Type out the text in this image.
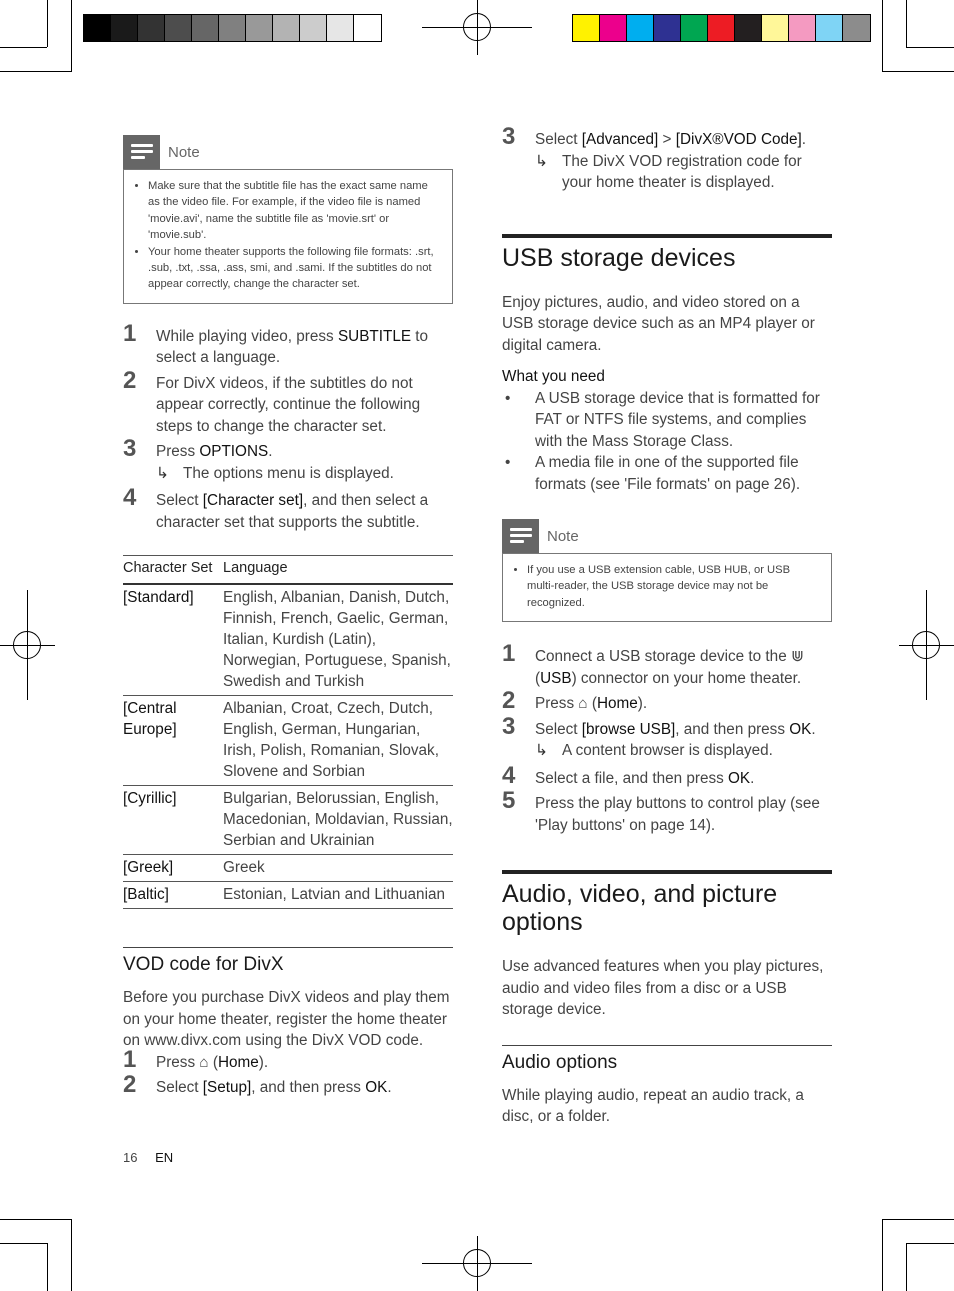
Note
• Make sure that the subtitle file has the exact same name as the video file. For example, if the video file is named 'movie.avi', name the subtitle file as 'movie.srt' or 'movie.sub'.
• Your home theater supports the following file formats: .srt, .sub, .txt, .ssa, .ass, smi, and .sami. If the subtitles do not appear correctly, change the character set.
1 While playing video, press SUBTITLE to select a language.
2 For DivX videos, if the subtitles do not appear correctly, continue the following steps to change the character set.
3 Press OPTIONS.
↳ The options menu is displayed.
4 Select [Character set], and then select a character set that supports the subtitle.
Character Set	Language
[Standard]	English, Albanian, Danish, Dutch, Finnish, French, Gaelic, German, Italian, Kurdish (Latin), Norwegian, Portuguese, Spanish, Swedish and Turkish
[Central Europe]	Albanian, Croat, Czech, Dutch, English, German, Hungarian, Irish, Polish, Romanian, Slovak, Slovene and Sorbian
[Cyrillic]	Bulgarian, Belorussian, English, Macedonian, Moldavian, Russian, Serbian and Ukrainian
[Greek]	Greek
[Baltic]	Estonian, Latvian and Lithuanian
VOD code for DivX

Before you purchase DivX videos and play them on your home theater, register the home theater on www.divx.com using the DivX VOD code.

1 Press ⌂ (Home).
2 Select [Setup], and then press OK.
3 Select [Advanced] > [DivX®VOD Code].
↳ The DivX VOD registration code for your home theater is displayed.
USB storage devices

Enjoy pictures, audio, and video stored on a USB storage device such as an MP4 player or digital camera.

What you need

• A USB storage device that is formatted for FAT or NTFS file systems, and complies with the Mass Storage Class.
• A media file in one of the supported file formats (see 'File formats' on page 26).
Note
• If you use a USB extension cable, USB HUB, or USB multi-reader, the USB storage device may not be recognized.
1 Connect a USB storage device to the ⋓ (USB) connector on your home theater.
2 Press ⌂ (Home).
3 Select [browse USB], and then press OK.
↳ A content browser is displayed.
4 Select a file, and then press OK.
5 Press the play buttons to control play (see 'Play buttons' on page 14).
Audio, video, and picture options

Use advanced features when you play pictures, audio and video files from a disc or a USB storage device.

Audio options

While playing audio, repeat an audio track, a disc, or a folder.

16 EN
